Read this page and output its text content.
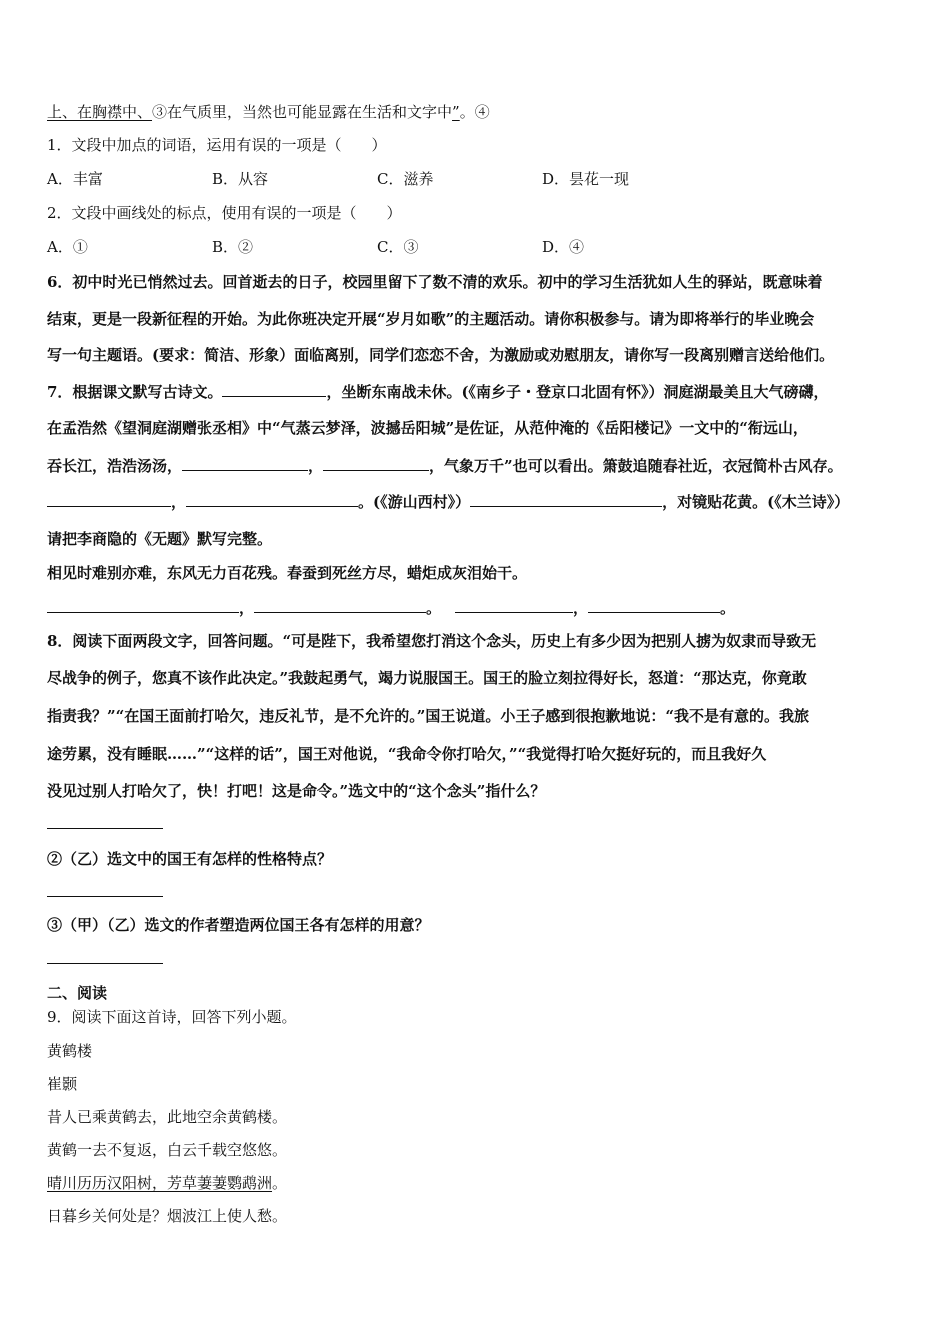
上、在胸襟中、③在气质里，当然也可能显露在生活和文字中”。④
1．文段中加点的词语，运用有误的一项是（　　）
A．丰富	B．从容	C．滋养	D．昙花一现
2．文段中画线处的标点，使用有误的一项是（　　）
A．①	B．②	C．③	D．④
6．初中时光已悄然过去。回首逝去的日子，校园里留下了数不清的欢乐。初中的学习生活犹如人生的驿站，既意味着
结束，更是一段新征程的开始。为此你班决定开展“岁月如歌”的主题活动。请你积极参与。请为即将举行的毕业晚会
写一句主题语。(要求：简洁、形象）面临离别，同学们恋恋不舍，为激励或劝慰朋友，请你写一段离别赠言送给他们。
7．根据课文默写古诗文。	，坐断东南战未休。(《南乡子・登京口北固有怀》）洞庭湖最美且大气磅礴，
在孟浩然《望洞庭湖赠张丞相》中“气蒸云梦泽，波撼岳阳城”是佐证，从范仲淹的《岳阳楼记》一文中的“衔远山，
吞长江，浩浩汤汤，	，	，气象万千”也可以看出。箫鼓追随春社近，衣冠简朴古风存。
，	。(《游山西村》）	，对镜贴花黄。(《木兰诗》）
请把李商隐的《无题》默写完整。
相见时难别亦难，东风无力百花残。春蚕到死丝方尽，蜡炬成灰泪始干。
，	。	，	。
8．阅读下面两段文字，回答问题。“可是陛下，我希望您打消这个念头，历史上有多少因为把别人掳为奴隶而导致无
尽战争的例子，您真不该作此决定。”我鼓起勇气，竭力说服国王。国王的脸立刻拉得好长，怒道：“那达克，你竟敢
指责我？”“在国王面前打哈欠，违反礼节，是不允许的。”国王说道。小王子感到很抱歉地说：“我不是有意的。我旅
途劳累，没有睡眠……”“这样的话”，国王对他说，“我命令你打哈欠，”“我觉得打哈欠挺好玩的，而且我好久
没见过别人打哈欠了，快！打吧！这是命令。”选文中的“这个念头”指什么？
②（乙）选文中的国王有怎样的性格特点？
③（甲）（乙）选文的作者塑造两位国王各有怎样的用意？
二、阅读
9．阅读下面这首诗，回答下列小题。
黄鹤楼
崔颢
昔人已乘黄鹤去，此地空余黄鹤楼。
黄鹤一去不复返，白云千载空悠悠。
晴川历历汉阳树，芳草萋萋鹦鹉洲。
日暮乡关何处是？烟波江上使人愁。
